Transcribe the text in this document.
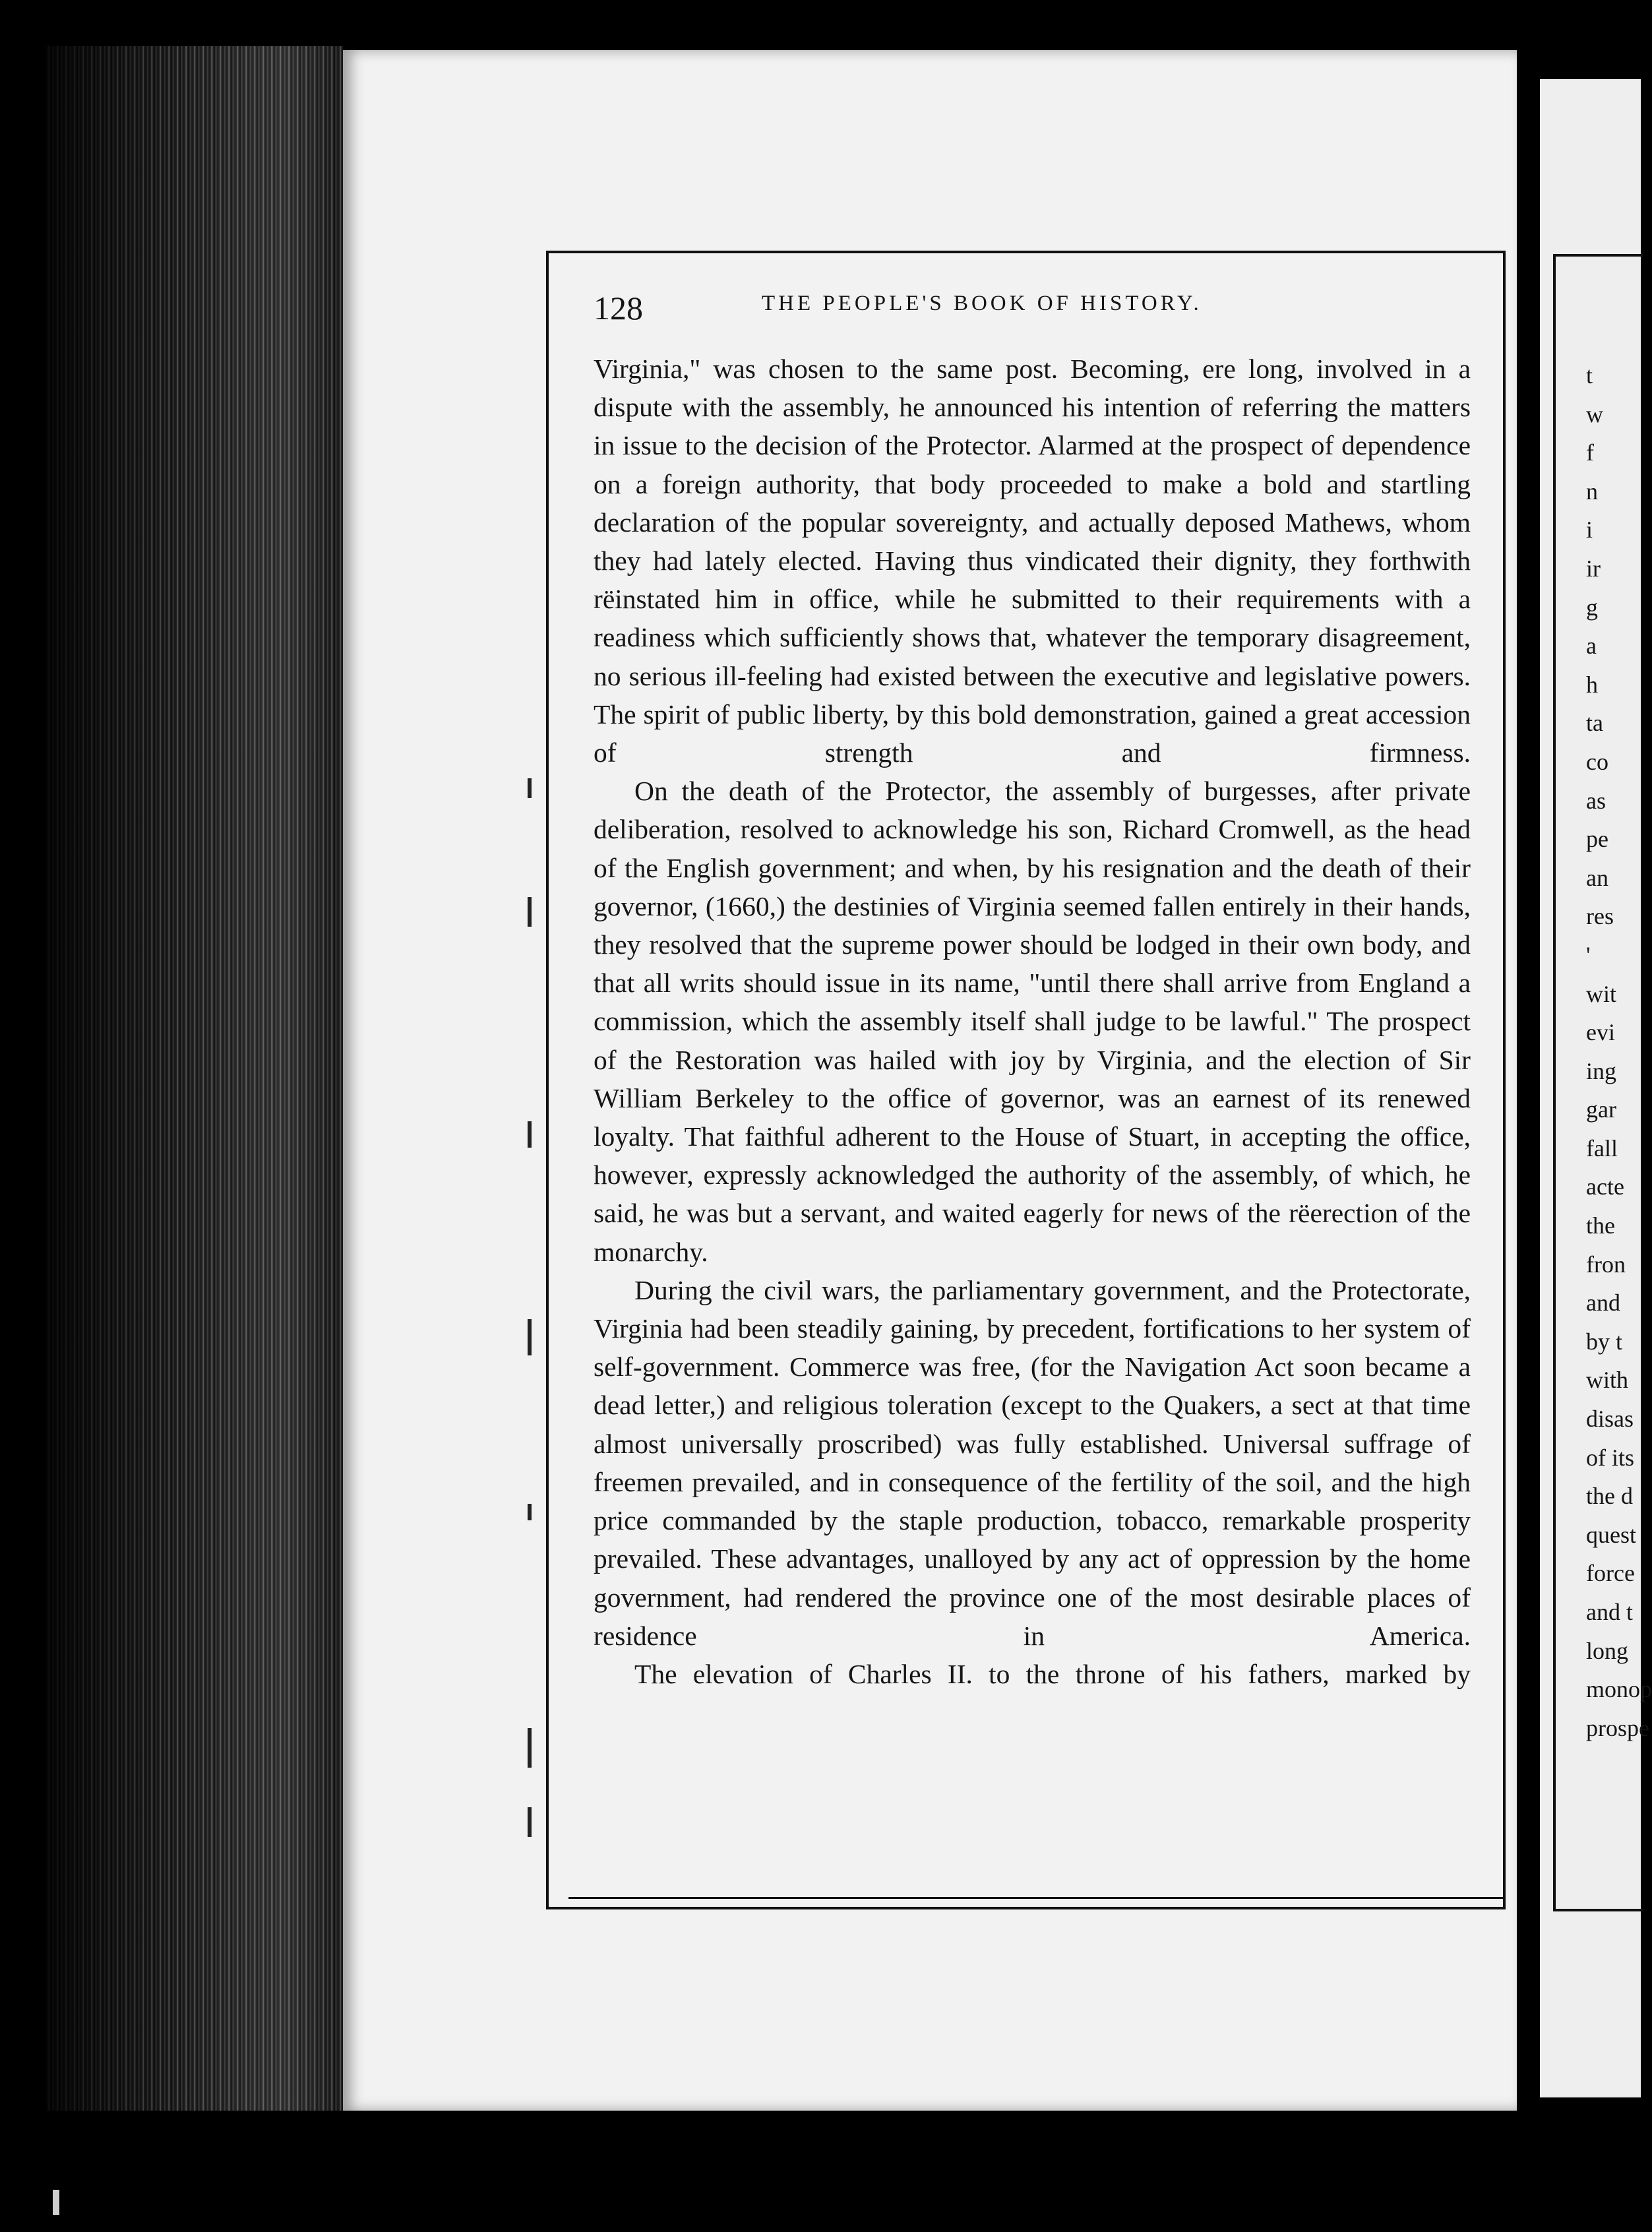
t
w
f
n
i
ir
g
a
h
ta
co
as
pe
an
res
'
wit
evi
ing
gar
fall
acte
the
fron
and
by t
with
disas
of its
the d
quest
force
and t
long
monop
prospe
128	THE PEOPLE'S BOOK OF HISTORY.

Virginia," was chosen to the same post. Becoming, ere long, involved in a dispute with the assembly, he announced his intention of referring the matters in issue to the decision of the Protector. Alarmed at the prospect of dependence on a foreign authority, that body proceeded to make a bold and startling declaration of the popular sovereignty, and actually deposed Mathews, whom they had lately elected. Having thus vindicated their dignity, they forthwith rëinstated him in office, while he submitted to their requirements with a readiness which sufficiently shows that, whatever the temporary disagreement, no serious ill-feeling had existed between the executive and legislative powers. The spirit of public liberty, by this bold demonstration, gained a great accession of strength and firmness.

On the death of the Protector, the assembly of burgesses, after private deliberation, resolved to acknowledge his son, Richard Cromwell, as the head of the English government; and when, by his resignation and the death of their governor, (1660,) the destinies of Virginia seemed fallen entirely in their hands, they resolved that the supreme power should be lodged in their own body, and that all writs should issue in its name, "until there shall arrive from England a commission, which the assembly itself shall judge to be lawful." The prospect of the Restoration was hailed with joy by Virginia, and the election of Sir William Berkeley to the office of governor, was an earnest of its renewed loyalty. That faithful adherent to the House of Stuart, in accepting the office, however, expressly acknowledged the authority of the assembly, of which, he said, he was but a servant, and waited eagerly for news of the rëerection of the monarchy.

During the civil wars, the parliamentary government, and the Protectorate, Virginia had been steadily gaining, by precedent, fortifications to her system of self-government. Commerce was free, (for the Navigation Act soon became a dead letter,) and religious toleration (except to the Quakers, a sect at that time almost universally proscribed) was fully established. Universal suffrage of freemen prevailed, and in consequence of the fertility of the soil, and the high price commanded by the staple production, tobacco, remarkable prosperity prevailed. These advantages, unalloyed by any act of oppression by the home government, had rendered the province one of the most desirable places of residence in America.

The elevation of Charles II. to the throne of his fathers, marked by
